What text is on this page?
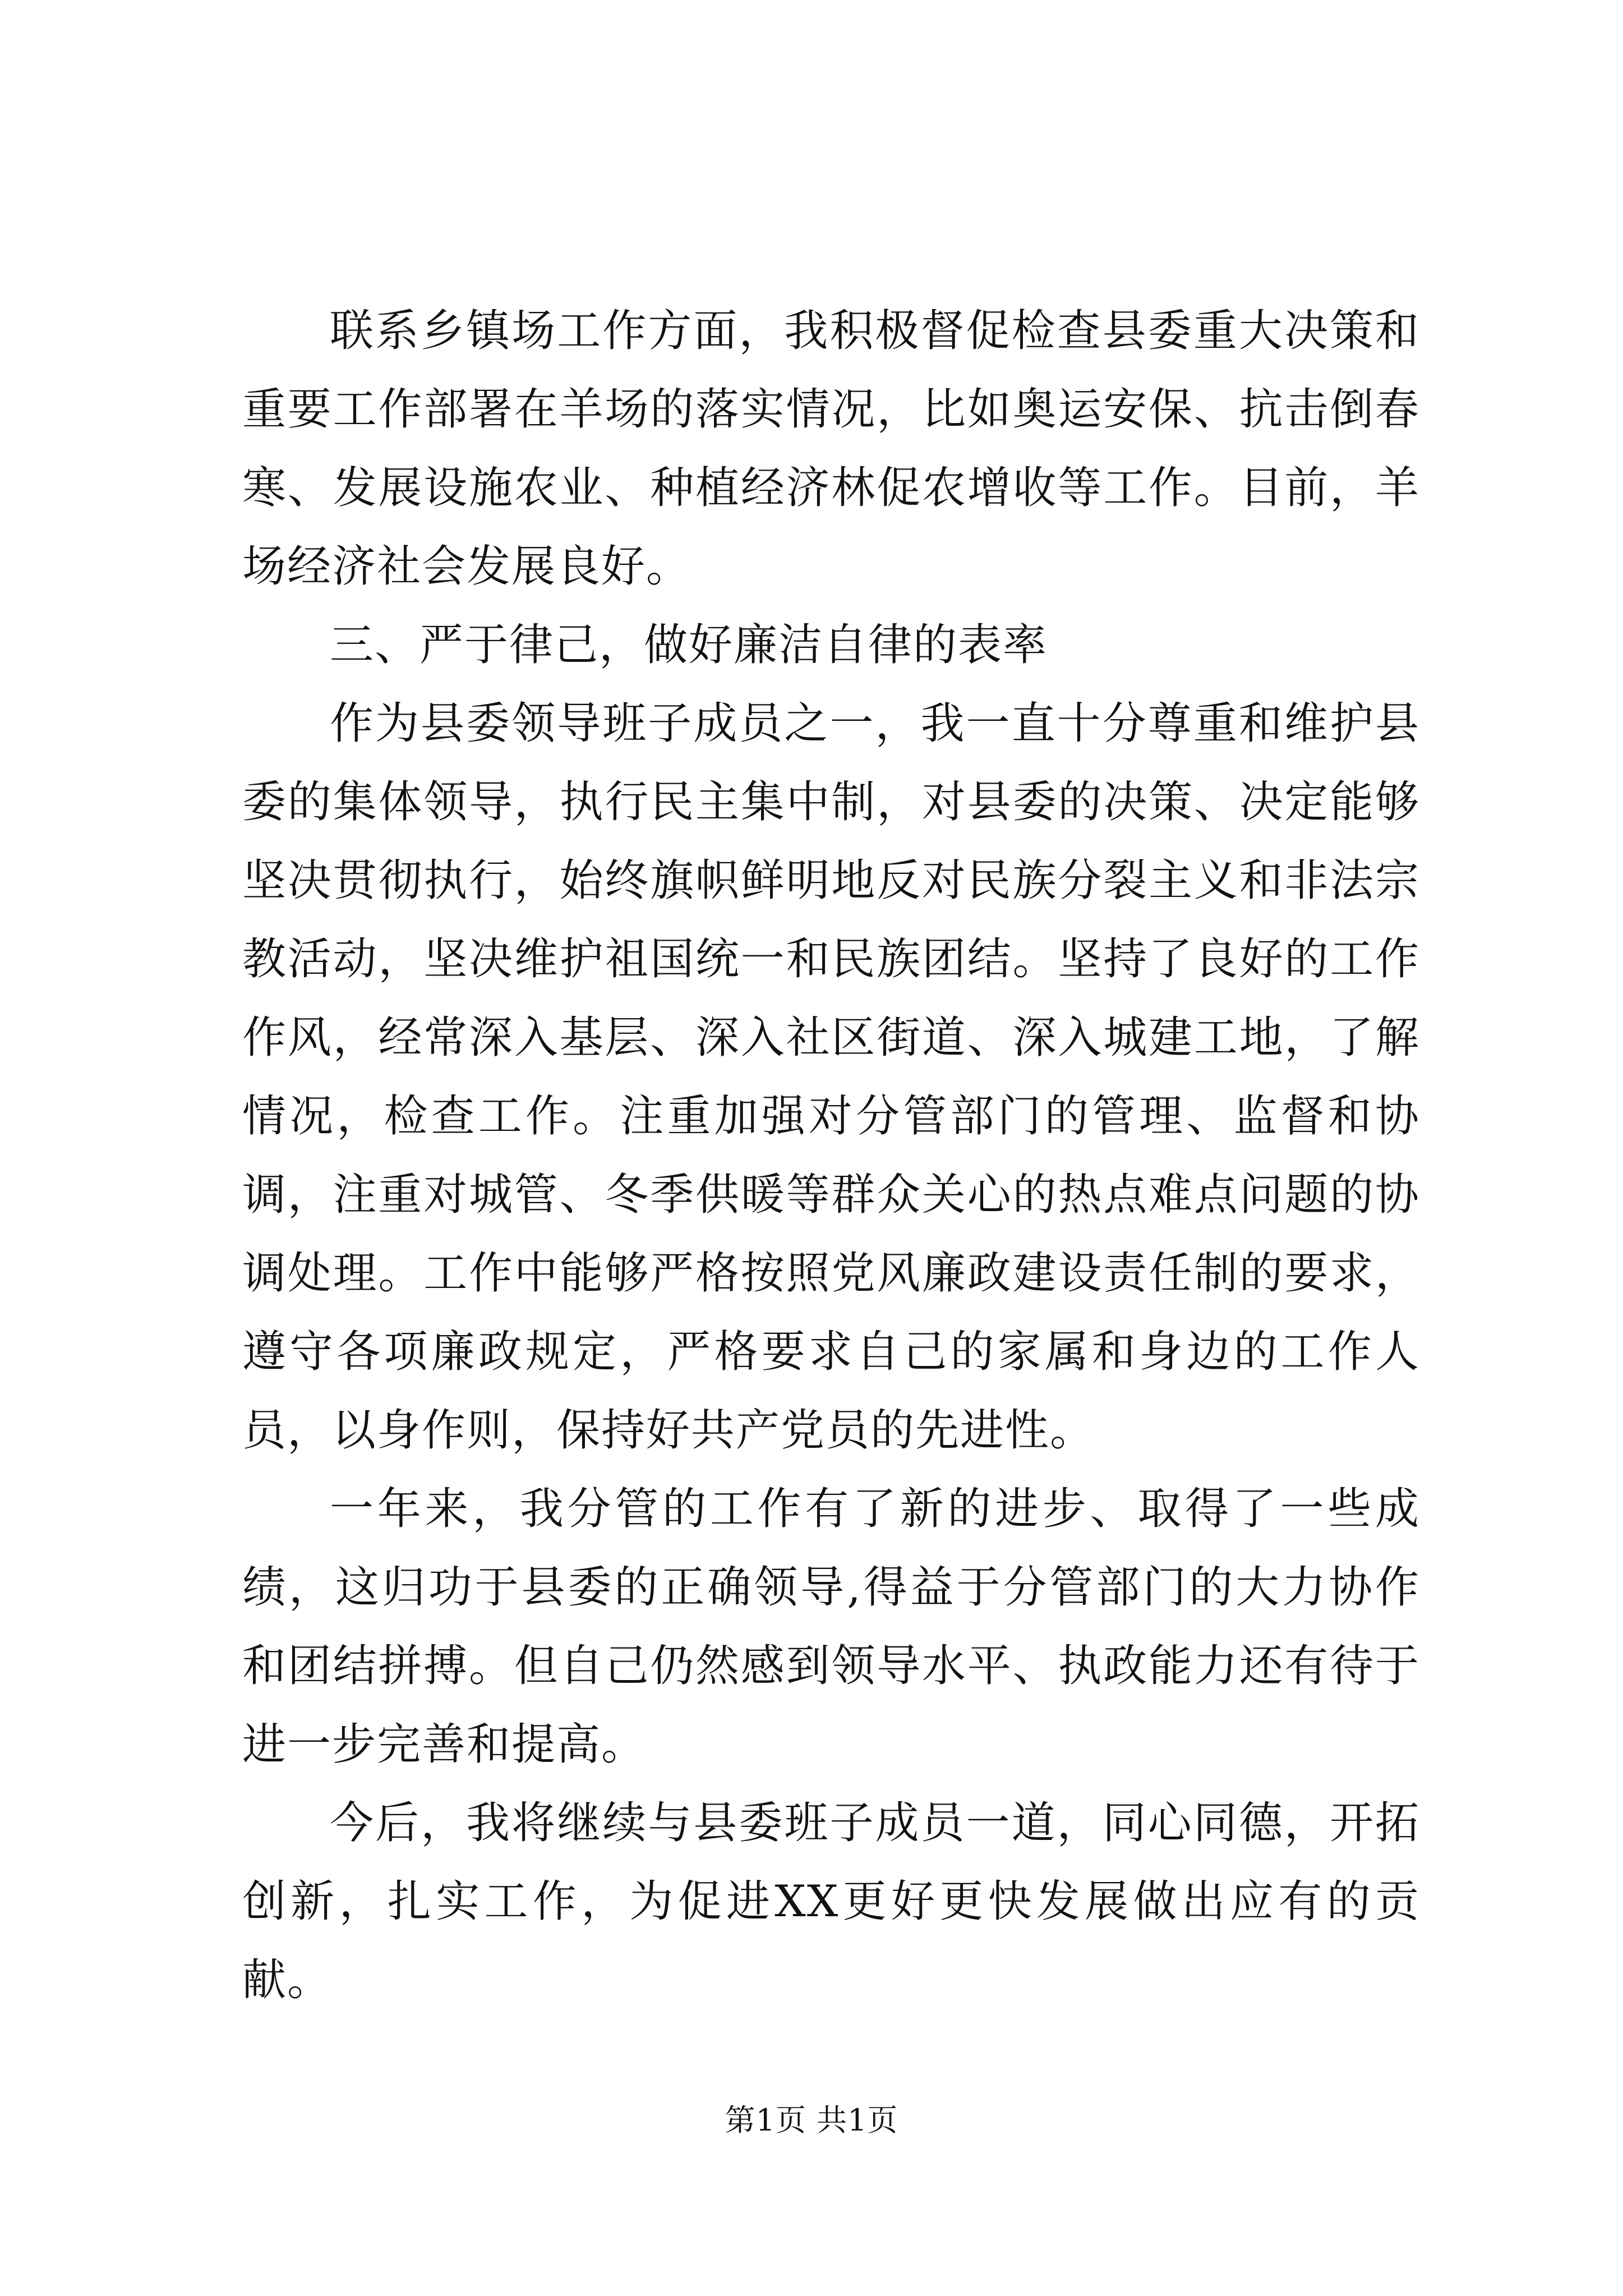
联系乡镇场工作方面，我积极督促检查县委重大决策和重要工作部署在羊场的落实情况，比如奥运安保、抗击倒春寒、发展设施农业、种植经济林促农增收等工作。目前，羊场经济社会发展良好。

三、严于律己，做好廉洁自律的表率

作为县委领导班子成员之一，我一直十分尊重和维护县委的集体领导，执行民主集中制，对县委的决策、决定能够坚决贯彻执行，始终旗帜鲜明地反对民族分裂主义和非法宗教活动，坚决维护祖国统一和民族团结。坚持了良好的工作作风，经常深入基层、深入社区街道、深入城建工地，了解情况，检查工作。注重加强对分管部门的管理、监督和协调，注重对城管、冬季供暖等群众关心的热点难点问题的协调处理。工作中能够严格按照党风廉政建设责任制的要求，遵守各项廉政规定，严格要求自己的家属和身边的工作人员，以身作则，保持好共产党员的先进性。

一年来，我分管的工作有了新的进步、取得了一些成绩，这归功于县委的正确领导,得益于分管部门的大力协作和团结拼搏。但自己仍然感到领导水平、执政能力还有待于进一步完善和提高。

今后，我将继续与县委班子成员一道，同心同德，开拓创新，扎实工作，为促进XX更好更快发展做出应有的贡献。

第1页 共1页
